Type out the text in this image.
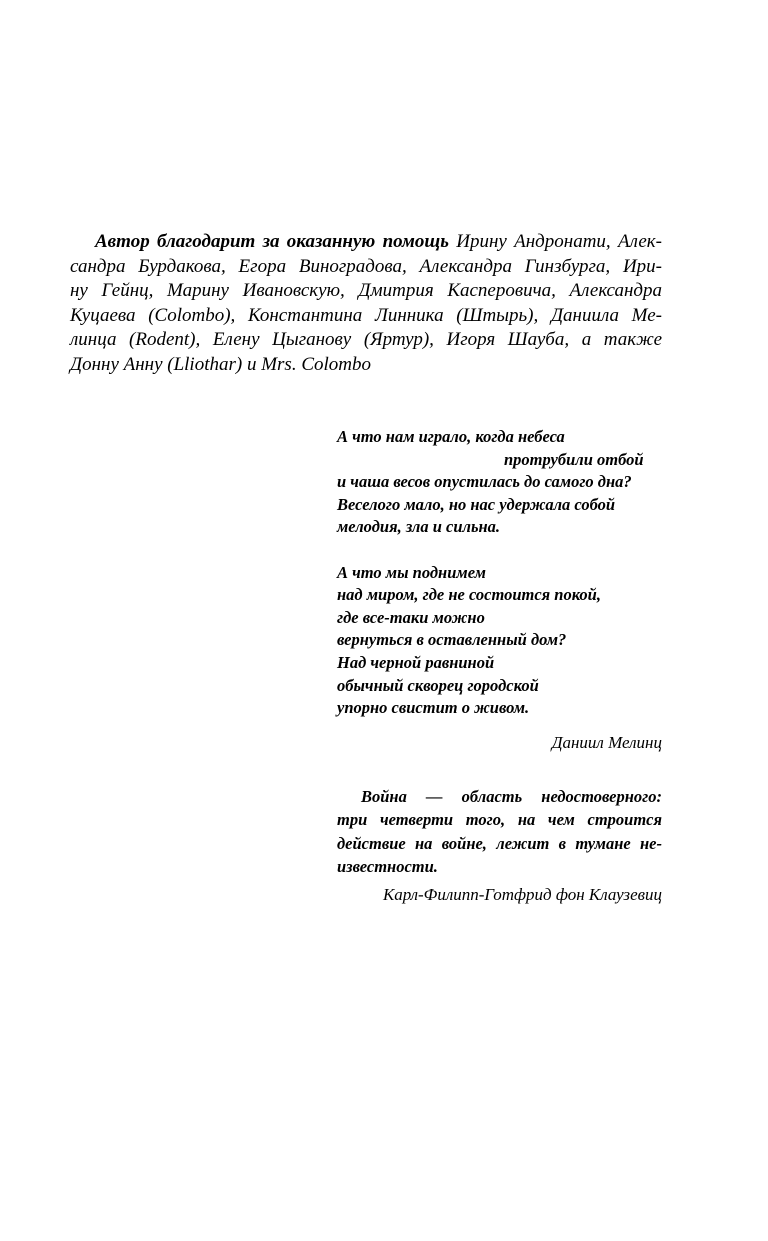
Автор благодарит за оказанную помощь Ирину Андронати, Алек-
сандра Бурдакова, Егора Виноградова, Александра Гинзбурга, Ири-
ну Гейнц, Марину Ивановскую, Дмитрия Касперовича, Александра
Куцаева (Colombo), Константина Линника (Штырь), Даниила Ме-
линца (Rodent), Елену Цыганову (Яртур), Игоря Шауба, а также
Донну Анну (Lliothar) и Mrs. Colombo
А что нам играло, когда небеса
протрубили отбой
и чаша весов опустилась до самого дна?
Веселого мало, но нас удержала собой
мелодия, зла и сильна.
А что мы поднимем
над миром, где не состоится покой,
где все-таки можно
вернуться в оставленный дом?
Над черной равниной
обычный скворец городской
упорно свистит о живом.
Даниил Мелинц
Война — область недостоверного:
три четверти того, на чем строится
действие на войне, лежит в тумане не-
известности.
Карл-Филипп-Готфрид фон Клаузевиц
